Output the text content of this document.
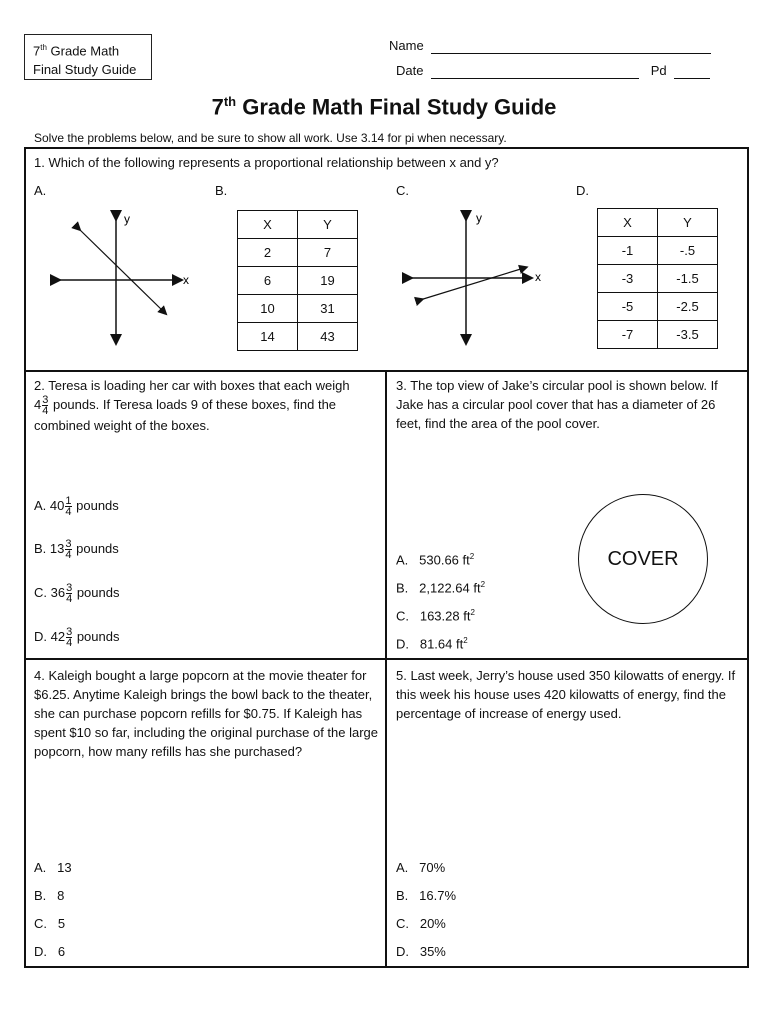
7th Grade Math
Final Study Guide
Name
Date	Pd
7th Grade Math Final Study Guide
Solve the problems below, and be sure to show all work. Use 3.14 for pi when necessary.
1. Which of the following represents a proportional relationship between x and y?
A.	B.	C.	D.
y
x
X	Y
2	7
6	19
10	31
14	43
y
x
X	Y
-1	-.5
-3	-1.5
-5	-2.5
-7	-3.5
2. Teresa is loading her car with boxes that each weigh
$4 \frac{3}{4}$ pounds. If Teresa loads 9 of these boxes, find the
combined weight of the boxes.
A. $40 \frac{1}{4}$ pounds
B. $13 \frac{3}{4}$ pounds
C. $36 \frac{3}{4}$ pounds
D. $42 \frac{3}{4}$ pounds
3. The top view of Jake’s circular pool is shown below. If Jake has a circular pool cover that has a diameter of 26 feet, find the area of the pool cover.
A. 530.66 $ft^2$
B. 2,122.64 $ft^2$
C. 163.28 $ft^2$
D. 81.64 $ft^2$
COVER
4. Kaleigh bought a large popcorn at the movie theater for $6.25. Anytime Kaleigh brings the bowl back to the theater, she can purchase popcorn refills for $0.75. If Kaleigh has spent $10 so far, including the original purchase of the large popcorn, how many refills has she purchased?
A. 13
B. 8
C. 5
D. 6
5. Last week, Jerry’s house used 350 kilowatts of energy. If this week his house uses 420 kilowatts of energy, find the percentage of increase of energy used.
A. 70%
B. 16.7%
C. 20%
D. 35%
